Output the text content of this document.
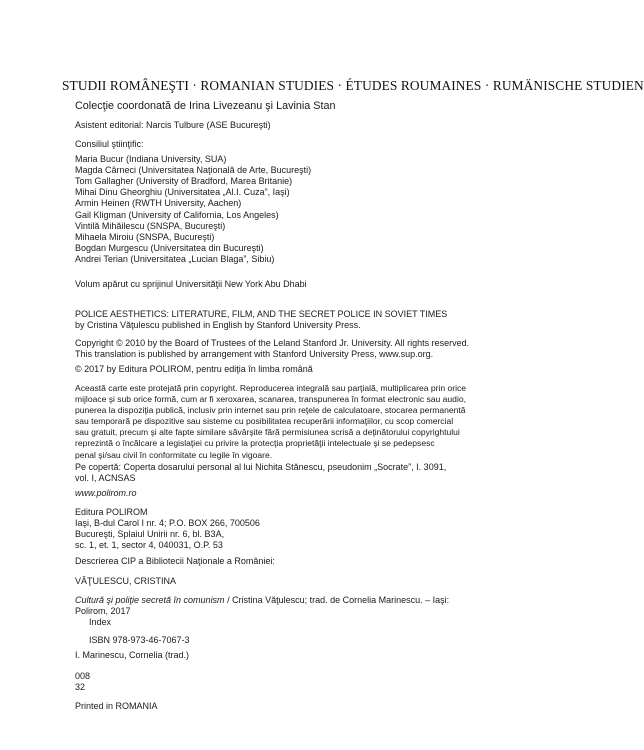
STUDII ROMÂNEŞTI · ROMANIAN STUDIES · ÉTUDES ROUMAINES · RUMÄNISCHE STUDIEN
Colecţie coordonată de Irina Livezeanu şi Lavinia Stan
Asistent editorial: Narcis Tulbure (ASE Bucureşti)
Consiliul ştiinţific:
Maria Bucur (Indiana University, SUA)
Magda Cârneci (Universitatea Naţională de Arte, Bucureşti)
Tom Gallagher (University of Bradford, Marea Britanie)
Mihai Dinu Gheorghiu (Universitatea „Al.I. Cuza”, Iaşi)
Armin Heinen (RWTH University, Aachen)
Gail Kligman (University of California, Los Angeles)
Vintilă Mihăilescu (SNSPA, Bucureşti)
Mihaela Miroiu (SNSPA, Bucureşti)
Bogdan Murgescu (Universitatea din Bucureşti)
Andrei Terian (Universitatea „Lucian Blaga”, Sibiu)
Volum apărut cu sprijinul Universităţii New York Abu Dhabi
POLICE AESTHETICS: LITERATURE, FILM, AND THE SECRET POLICE IN SOVIET TIMES
by Cristina Văţulescu published in English by Stanford University Press.
Copyright © 2010 by the Board of Trustees of the Leland Stanford Jr. University. All rights reserved.
This translation is published by arrangement with Stanford University Press, www.sup.org.
© 2017 by Editura POLIROM, pentru ediţia în limba română
Această carte este protejată prin copyright. Reproducerea integrală sau parţială, multiplicarea prin orice
mijloace şi sub orice formă, cum ar fi xeroxarea, scanarea, transpunerea în format electronic sau audio,
punerea la dispoziţia publică, inclusiv prin internet sau prin reţele de calculatoare, stocarea permanentă
sau temporară pe dispozitive sau sisteme cu posibilitatea recuperării informaţiilor, cu scop comercial
sau gratuit, precum şi alte fapte similare săvârşite fără permisiunea scrisă a deţinătorului copyrightului
reprezintă o încălcare a legislaţiei cu privire la protecţia proprietăţii intelectuale şi se pedepsesc
penal şi/sau civil în conformitate cu legile în vigoare.
Pe copertă: Coperta dosarului personal al lui Nichita Stănescu, pseudonim „Socrate”, I. 3091,
vol. I, ACNSAS
www.polirom.ro
Editura POLIROM
Iaşi, B-dul Carol I nr. 4; P.O. BOX 266, 700506
Bucureşti, Splaiul Unirii nr. 6, bl. B3A,
sc. 1, et. 1, sector 4, 040031, O.P. 53
Descrierea CIP a Bibliotecii Naţionale a României:
VĂŢULESCU, CRISTINA
Cultură şi poliţie secretă în comunism / Cristina Văţulescu; trad. de Cornelia Marinescu. – Iaşi:
Polirom, 2017
Index
ISBN 978-973-46-7067-3
I. Marinescu, Cornelia (trad.)
008
32
Printed in ROMANIA
